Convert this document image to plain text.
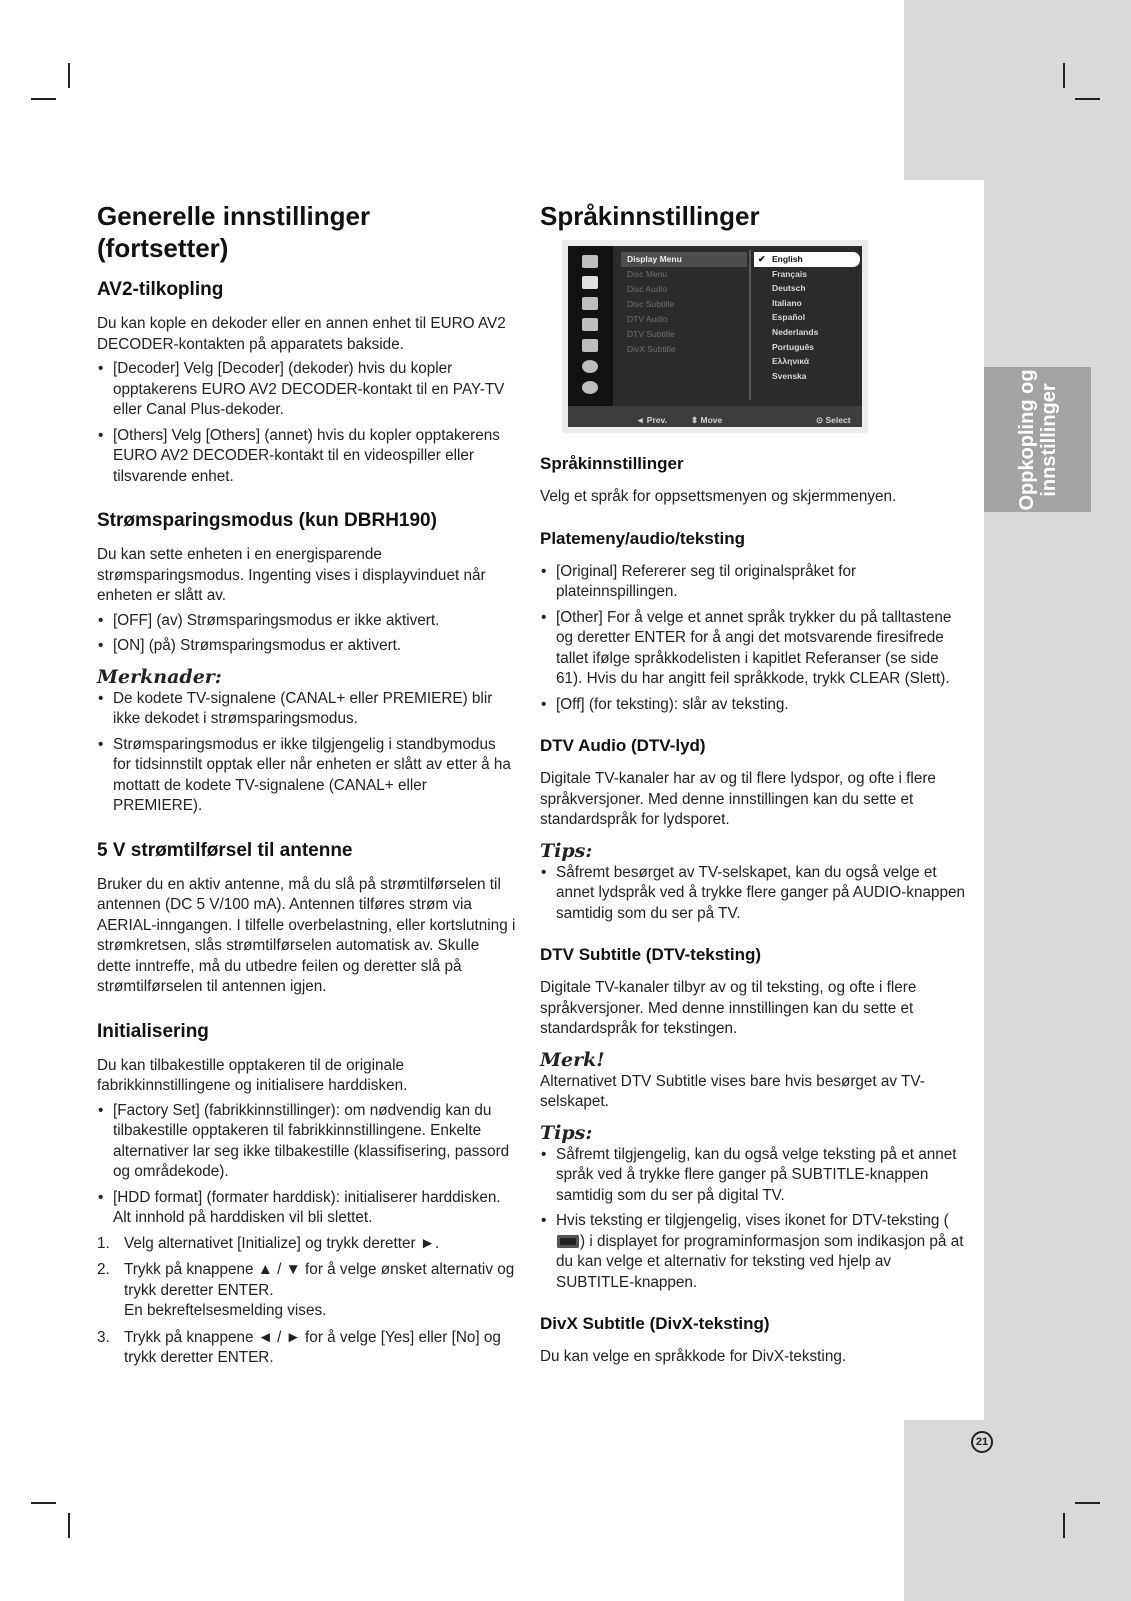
Oppkopling og innstillinger
21
Generelle innstillinger
(fortsetter)
AV2-tilkopling

Du kan kople en dekoder eller en annen enhet til EURO AV2 DECODER-kontakten på apparatets bakside.

• [Decoder] Velg [Decoder] (dekoder) hvis du kopler opptakerens EURO AV2 DECODER-kontakt til en PAY-TV eller Canal Plus-dekoder.
• [Others] Velg [Others] (annet) hvis du kopler opptakerens EURO AV2 DECODER-kontakt til en videospiller eller tilsvarende enhet.
Strømsparingsmodus (kun DBRH190)

Du kan sette enheten i en energisparende strømsparingsmodus. Ingenting vises i displayvinduet når enheten er slått av.

• [OFF] (av) Strømsparingsmodus er ikke aktivert.
• [ON] (på) Strømsparingsmodus er aktivert.
Merknader:
• De kodete TV-signalene (CANAL+ eller PREMIERE) blir ikke dekodet i strømsparingsmodus.
• Strømsparingsmodus er ikke tilgjengelig i standbymodus for tidsinnstilt opptak eller når enheten er slått av etter å ha mottatt de kodete TV-signalene (CANAL+ eller PREMIERE).
5 V strømtilførsel til antenne

Bruker du en aktiv antenne, må du slå på strømtilførselen til antennen (DC 5 V/100 mA). Antennen tilføres strøm via AERIAL-inngangen. I tilfelle overbelastning, eller kortslutning i strømkretsen, slås strømtilførselen automatisk av. Skulle dette inntreffe, må du utbedre feilen og deretter slå på strømtilførselen til antennen igjen.

Initialisering

Du kan tilbakestille opptakeren til de originale fabrikkinnstillingene og initialisere harddisken.

• [Factory Set] (fabrikkinnstillinger): om nødvendig kan du tilbakestille opptakeren til fabrikkinnstillingene. Enkelte alternativer lar seg ikke tilbakestille (klassifisering, passord og områdekode).
• [HDD format] (formater harddisk): initialiserer harddisken. Alt innhold på harddisken vil bli slettet.
1. Velg alternativet [Initialize] og trykk deretter ►.
2. Trykk på knappene ▲ / ▼ for å velge ønsket alternativ og trykk deretter ENTER.
En bekreftelsesmelding vises.
3. Trykk på knappene ◄ / ► for å velge [Yes] eller [No] og trykk deretter ENTER.
Språkinnstillinger
Display Menu
Disc Menu
Disc Audio
Disc Subtitle
DTV Audio
DTV Subtitle
DivX Subtitle
✔ English
Français
Deutsch
Italiano
Español
Nederlands
Português
Ελληνικά
Svenska
◄ Prev.	⬍ Move	⊙ Select
Språkinnstillinger

Velg et språk for oppsettsmenyen og skjermmenyen.

Platemeny/audio/teksting
• [Original] Refererer seg til originalspråket for plateinnspillingen.
• [Other] For å velge et annet språk trykker du på talltastene og deretter ENTER for å angi det motsvarende firesifrede tallet ifølge språkkodelisten i kapitlet Referanser (se side 61). Hvis du har angitt feil språkkode, trykk CLEAR (Slett).
• [Off] (for teksting): slår av teksting.
DTV Audio (DTV-lyd)

Digitale TV-kanaler har av og til flere lydspor, og ofte i flere språkversjoner. Med denne innstillingen kan du sette et standardspråk for lydsporet.

Tips:
• Såfremt besørget av TV-selskapet, kan du også velge et annet lydspråk ved å trykke flere ganger på AUDIO-knappen samtidig som du ser på TV.
DTV Subtitle (DTV-teksting)

Digitale TV-kanaler tilbyr av og til teksting, og ofte i flere språkversjoner. Med denne innstillingen kan du sette et standardspråk for tekstingen.

Merk!

Alternativet DTV Subtitle vises bare hvis besørget av TV-selskapet.

Tips:
• Såfremt tilgjengelig, kan du også velge teksting på et annet språk ved å trykke flere ganger på SUBTITLE-knappen samtidig som du ser på digital TV.
• Hvis teksting er tilgjengelig, vises ikonet for DTV-teksting () i displayet for programinformasjon som indikasjon på at du kan velge et alternativ for teksting ved hjelp av SUBTITLE-knappen.
DivX Subtitle (DivX-teksting)

Du kan velge en språkkode for DivX-teksting.
